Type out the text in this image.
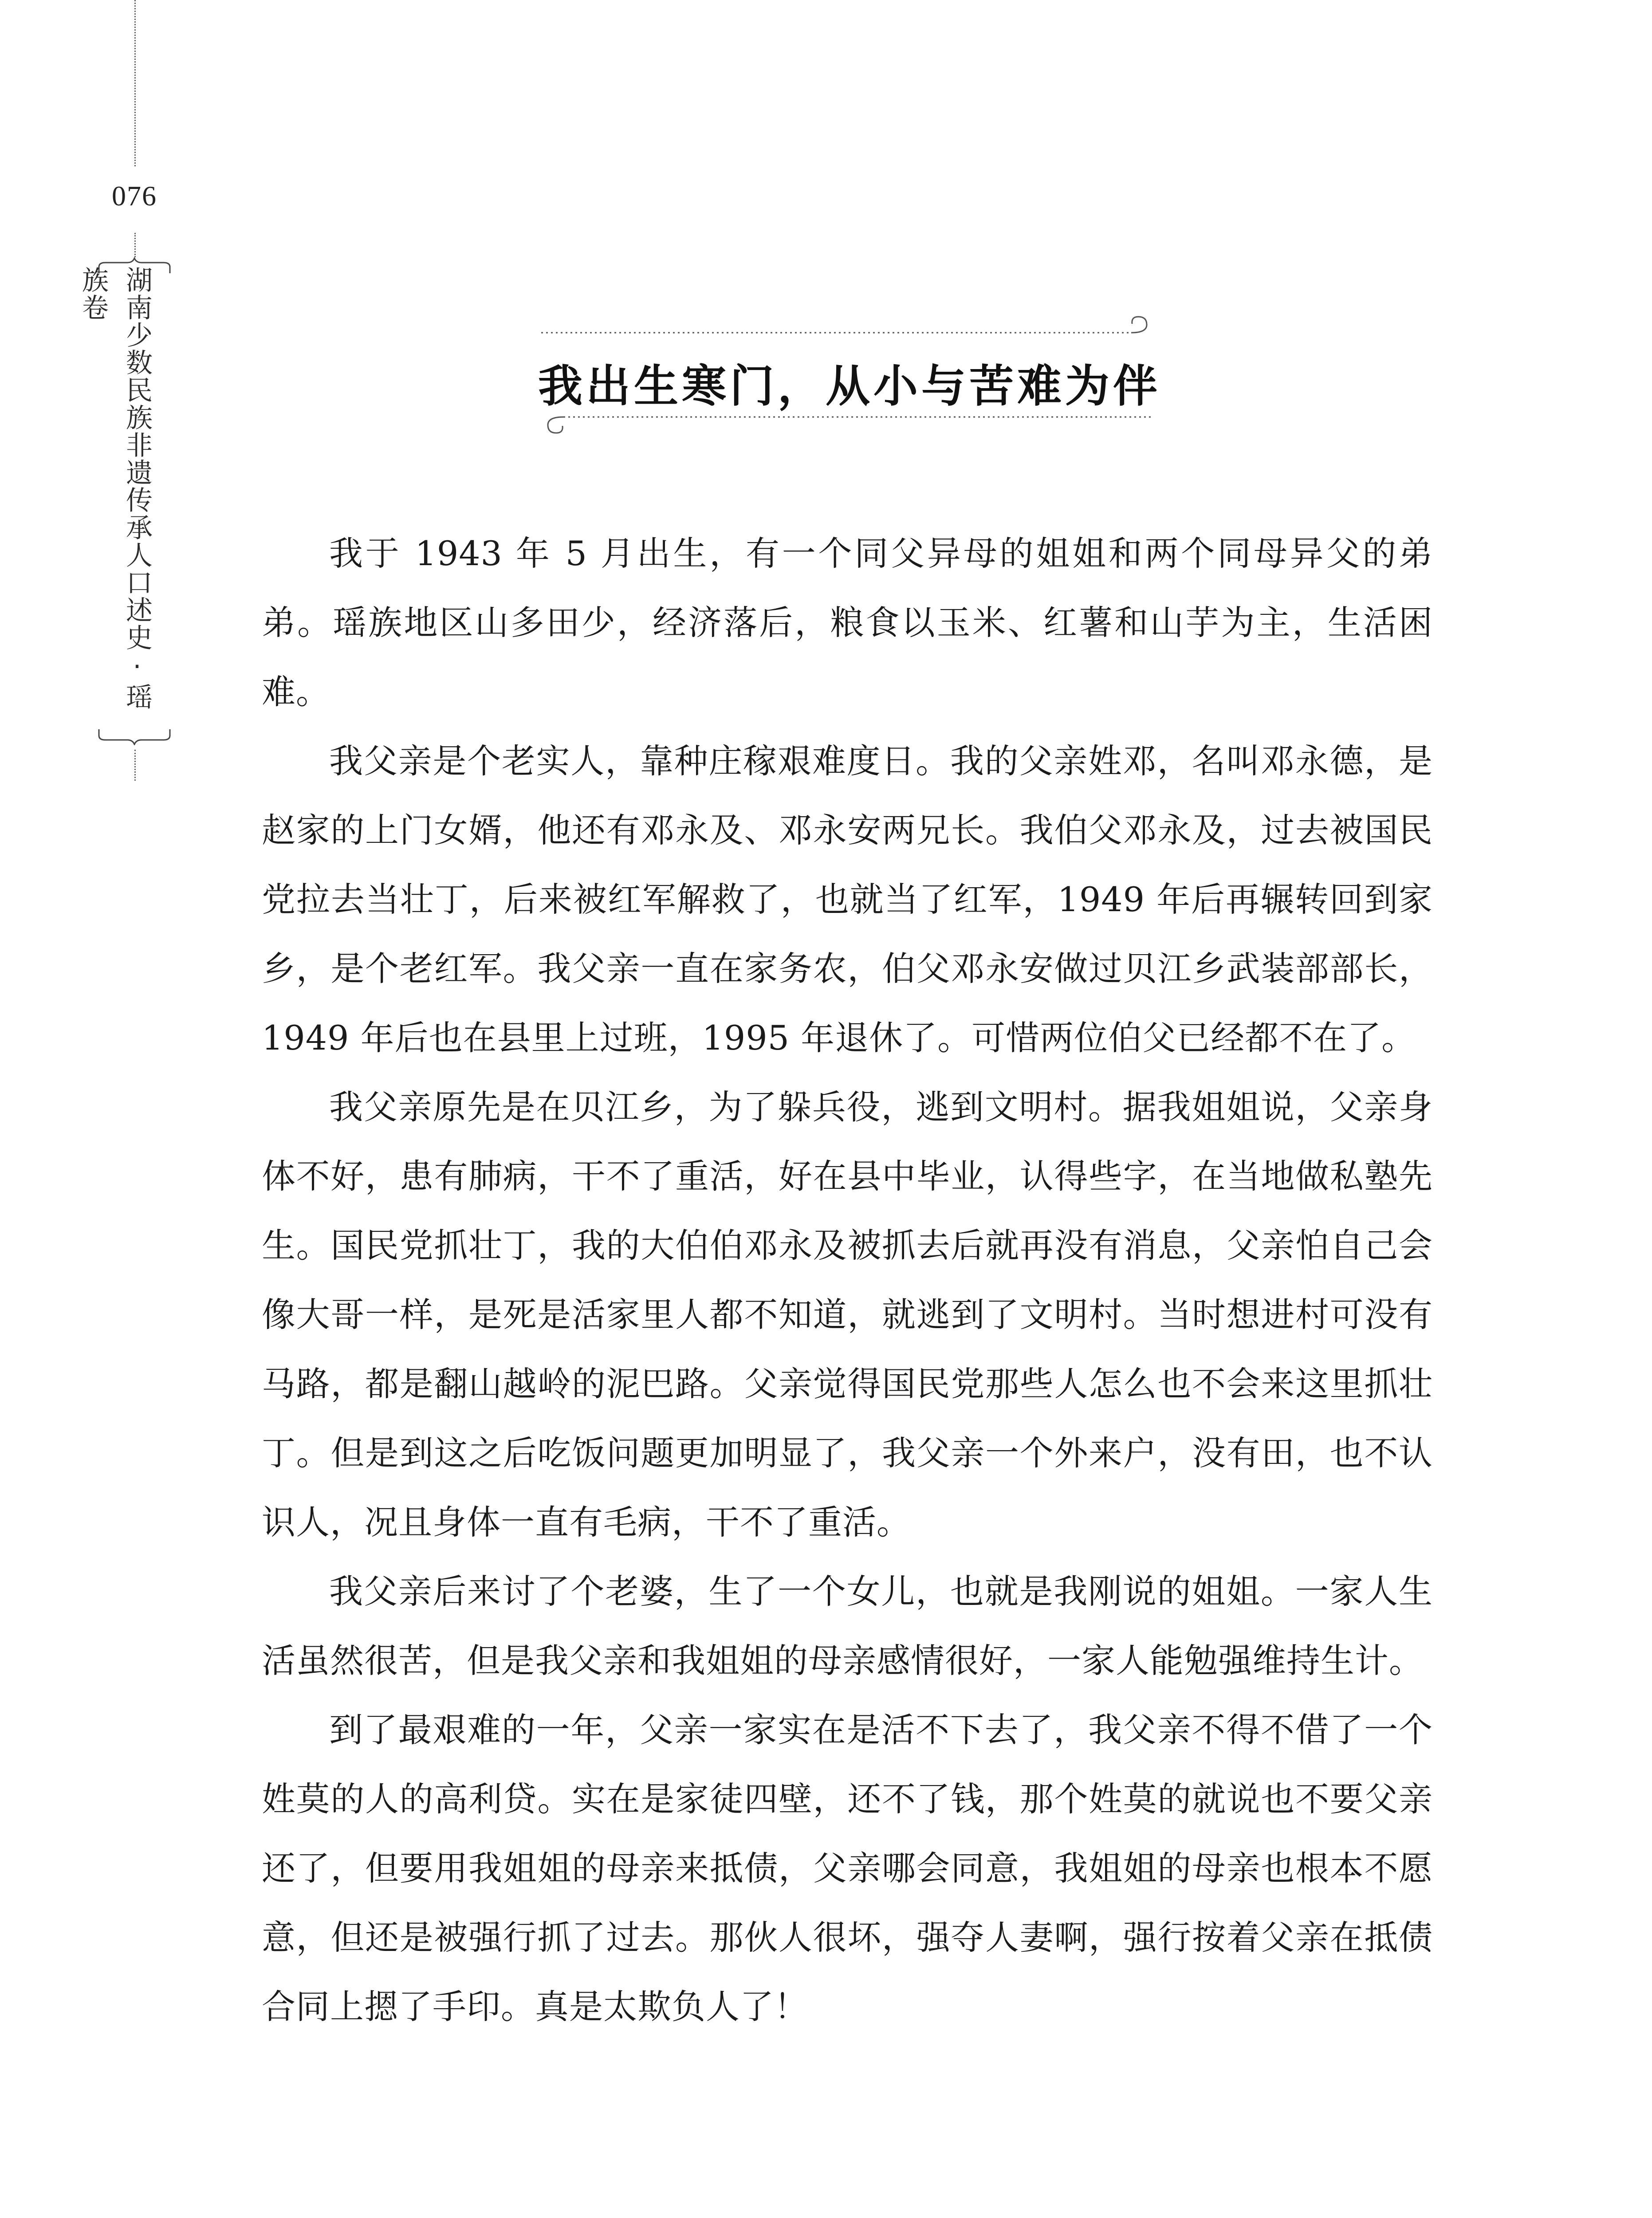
076
湖南少数民族非遗传承人口述史·瑶族卷
我出生寒门，从小与苦难为伴

我于 1943 年 5 月出生，有一个同父异母的姐姐和两个同母异父的弟弟。瑶族地区山多田少，经济落后，粮食以玉米、红薯和山芋为主，生活困难。

我父亲是个老实人，靠种庄稼艰难度日。我的父亲姓邓，名叫邓永德，是赵家的上门女婿，他还有邓永及、邓永安两兄长。我伯父邓永及，过去被国民党拉去当壮丁，后来被红军解救了，也就当了红军，1949 年后再辗转回到家乡，是个老红军。我父亲一直在家务农，伯父邓永安做过贝江乡武装部部长，1949 年后也在县里上过班，1995 年退休了。可惜两位伯父已经都不在了。

我父亲原先是在贝江乡，为了躲兵役，逃到文明村。据我姐姐说，父亲身体不好，患有肺病，干不了重活，好在县中毕业，认得些字，在当地做私塾先生。国民党抓壮丁，我的大伯伯邓永及被抓去后就再没有消息，父亲怕自己会像大哥一样，是死是活家里人都不知道，就逃到了文明村。当时想进村可没有马路，都是翻山越岭的泥巴路。父亲觉得国民党那些人怎么也不会来这里抓壮丁。但是到这之后吃饭问题更加明显了，我父亲一个外来户，没有田，也不认识人，况且身体一直有毛病，干不了重活。

我父亲后来讨了个老婆，生了一个女儿，也就是我刚说的姐姐。一家人生活虽然很苦，但是我父亲和我姐姐的母亲感情很好，一家人能勉强维持生计。

到了最艰难的一年，父亲一家实在是活不下去了，我父亲不得不借了一个姓莫的人的高利贷。实在是家徒四壁，还不了钱，那个姓莫的就说也不要父亲还了，但要用我姐姐的母亲来抵债，父亲哪会同意，我姐姐的母亲也根本不愿意，但还是被强行抓了过去。那伙人很坏，强夺人妻啊，强行按着父亲在抵债合同上摁了手印。真是太欺负人了！
